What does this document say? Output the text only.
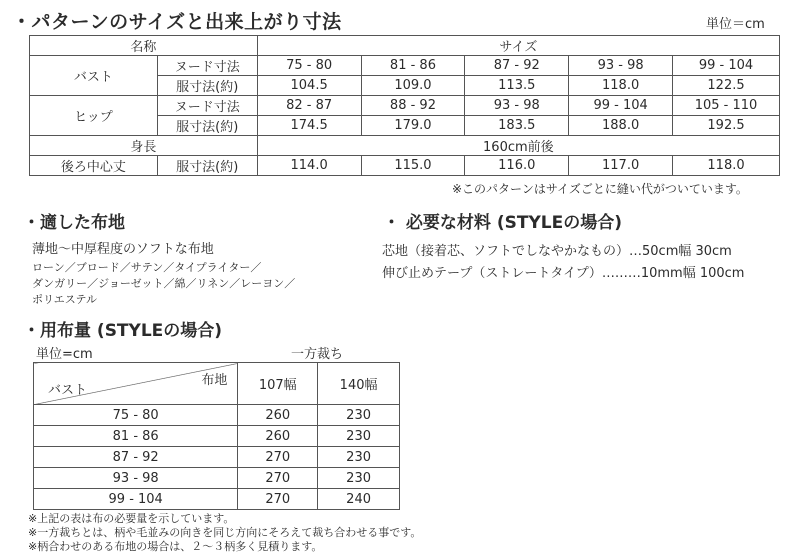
・パターンのサイズと出来上がり寸法	単位＝cm
名称		サイズ				
バスト	ヌード寸法	75 - 80	81 - 86	87 - 92	93 - 98	99 - 104
	服寸法(約)	104.5	109.0	113.5	118.0	122.5
ヒップ	ヌード寸法	82 - 87	88 - 92	93 - 98	99 - 104	105 - 110
	服寸法(約)	174.5	179.0	183.5	188.0	192.5
身長		160cm前後				
後ろ中心丈	服寸法(約)	114.0	115.0	116.0	117.0	118.0
※このパターンはサイズごとに縫い代がついています。
・適した布地
薄地〜中厚程度のソフトな布地
ローン／ブロード／サテン／タイプライター／
ダンガリー／ジョーゼット／綿／リネン／レーヨン／
ポリエステル
・ 必要な材料 (STYLEの場合)
芯地（接着芯、ソフトでしなやかなもの）…50cm幅 30cm
伸び止めテープ（ストレートタイプ）………10mm幅 100cm
・用布量 (STYLEの場合)
単位=cm	一方裁ち
布地
バスト	107幅	140幅
75 - 80	260	230
81 - 86	260	230
87 - 92	270	230
93 - 98	270	230
99 - 104	270	240
※上記の表は布の必要量を示しています。
※一方裁ちとは、柄や毛並みの向きを同じ方向にそろえて裁ち合わせる事です。
※柄合わせのある布地の場合は、２〜３柄多く見積ります。
